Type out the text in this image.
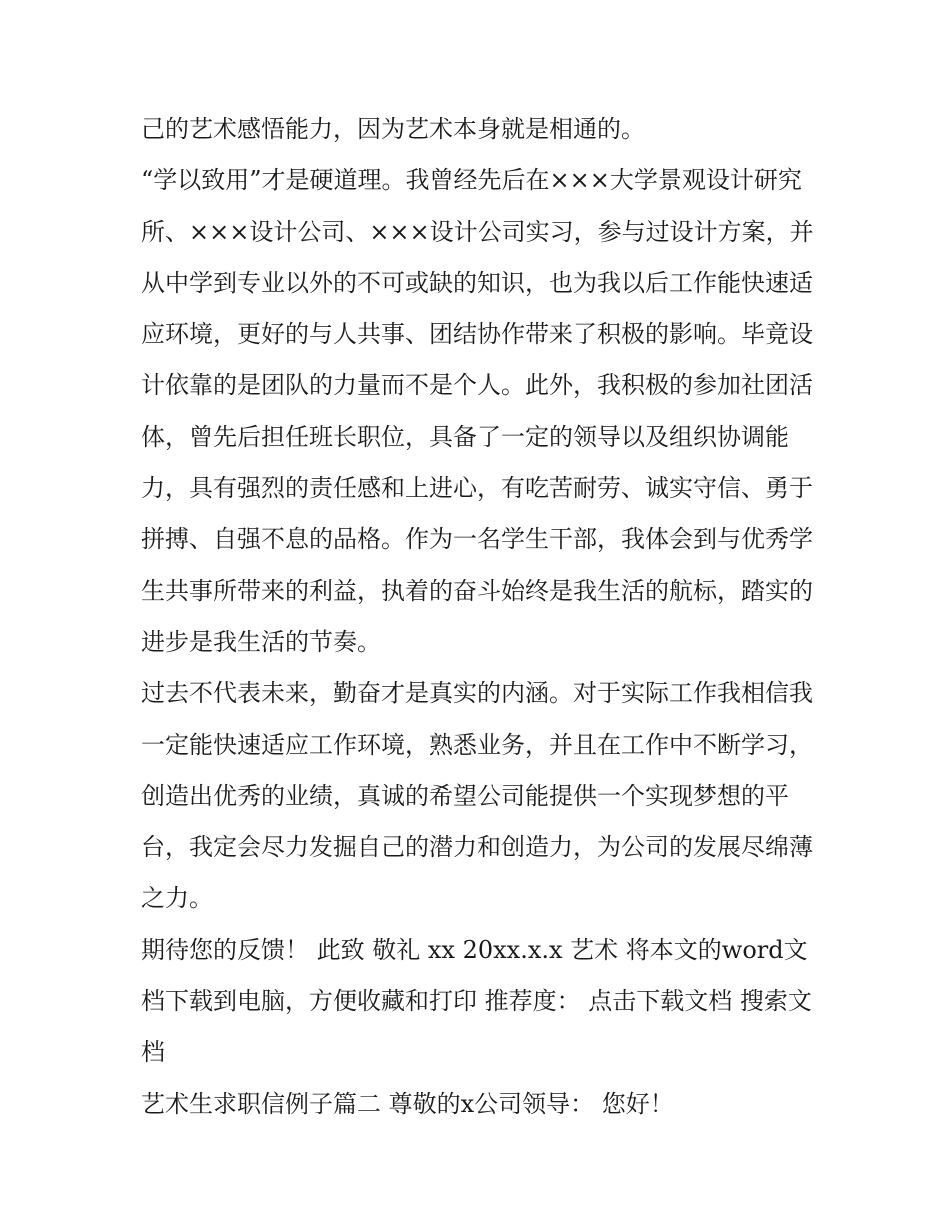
己的艺术感悟能力，因为艺术本身就是相通的。

“学以致用”才是硬道理。我曾经先后在×××大学景观设计研究所、×××设计公司、×××设计公司实习，参与过设计方案，并从中学到专业以外的不可或缺的知识，也为我以后工作能快速适应环境，更好的与人共事、团结协作带来了积极的影响。毕竟设计依靠的是团队的力量而不是个人。此外，我积极的参加社团活体，曾先后担任班长职位，具备了一定的领导以及组织协调能力，具有强烈的责任感和上进心，有吃苦耐劳、诚实守信、勇于拼搏、自强不息的品格。作为一名学生干部，我体会到与优秀学生共事所带来的利益，执着的奋斗始终是我生活的航标，踏实的进步是我生活的节奏。

过去不代表未来，勤奋才是真实的内涵。对于实际工作我相信我一定能快速适应工作环境，熟悉业务，并且在工作中不断学习，创造出优秀的业绩，真诚的希望公司能提供一个实现梦想的平台，我定会尽力发掘自己的潜力和创造力，为公司的发展尽绵薄之力。

期待您的反馈！ 此致 敬礼 xx 20xx.x.x 艺术 将本文的word文档下载到电脑，方便收藏和打印 推荐度： 点击下载文档 搜索文档

艺术生求职信例子篇二 尊敬的x公司领导： 您好！
